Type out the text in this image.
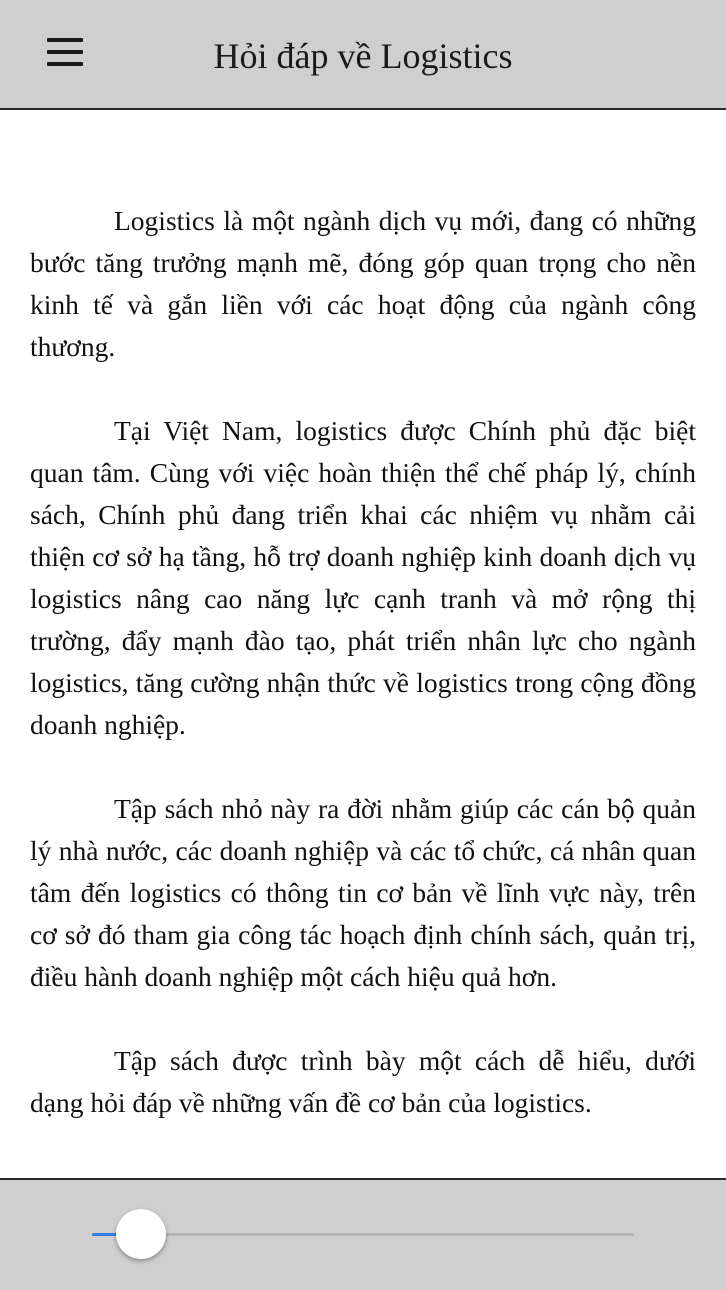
Hỏi đáp về Logistics

Logistics là một ngành dịch vụ mới, đang có những bước tăng trưởng mạnh mẽ, đóng góp quan trọng cho nền kinh tế và gắn liền với các hoạt động của ngành công thương.

Tại Việt Nam, logistics được Chính phủ đặc biệt quan tâm. Cùng với việc hoàn thiện thể chế pháp lý, chính sách, Chính phủ đang triển khai các nhiệm vụ nhằm cải thiện cơ sở hạ tầng, hỗ trợ doanh nghiệp kinh doanh dịch vụ logistics nâng cao năng lực cạnh tranh và mở rộng thị trường, đẩy mạnh đào tạo, phát triển nhân lực cho ngành logistics, tăng cường nhận thức về logistics trong cộng đồng doanh nghiệp.

Tập sách nhỏ này ra đời nhằm giúp các cán bộ quản lý nhà nước, các doanh nghiệp và các tổ chức, cá nhân quan tâm đến logistics có thông tin cơ bản về lĩnh vực này, trên cơ sở đó tham gia công tác hoạch định chính sách, quản trị, điều hành doanh nghiệp một cách hiệu quả hơn.

Tập sách được trình bày một cách dễ hiểu, dưới dạng hỏi đáp về những vấn đề cơ bản của logistics.
